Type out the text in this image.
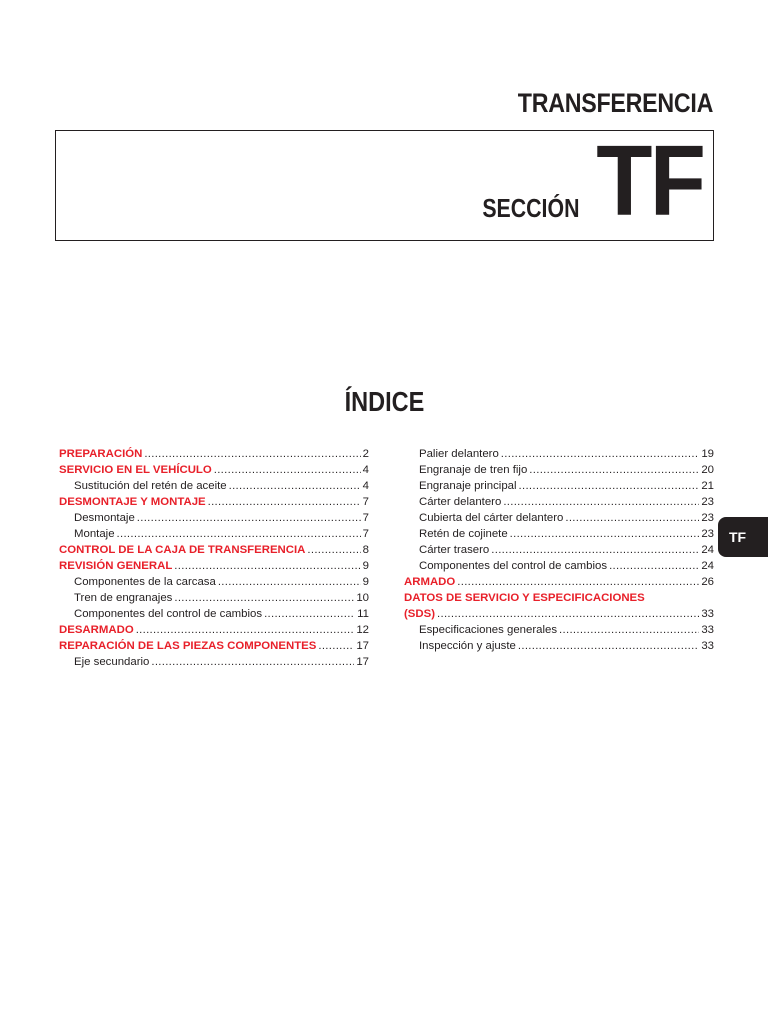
TRANSFERENCIA
SECCIÓN TF
ÍNDICE
PREPARACIÓN .....	2
SERVICIO EN EL VEHÍCULO .....	4
Sustitución del retén de aceite .....	4
DESMONTAJE Y MONTAJE .....	7
Desmontaje .....	7
Montaje .....	7
CONTROL DE LA CAJA DE TRANSFERENCIA .....	8
REVISIÓN GENERAL .....	9
Componentes de la carcasa .....	9
Tren de engranajes .....	10
Componentes del control de cambios .....	11
DESARMADO .....	12
REPARACIÓN DE LAS PIEZAS COMPONENTES .....	17
Eje secundario .....	17
Palier delantero .....	19
Engranaje de tren fijo .....	20
Engranaje principal .....	21
Cárter delantero .....	23
Cubierta del cárter delantero .....	23
Retén de cojinete .....	23
Cárter trasero .....	24
Componentes del control de cambios .....	24
ARMADO .....	26
DATOS DE SERVICIO Y ESPECIFICACIONES
(SDS) .....	33
Especificaciones generales .....	33
Inspección y ajuste .....	33
TF
